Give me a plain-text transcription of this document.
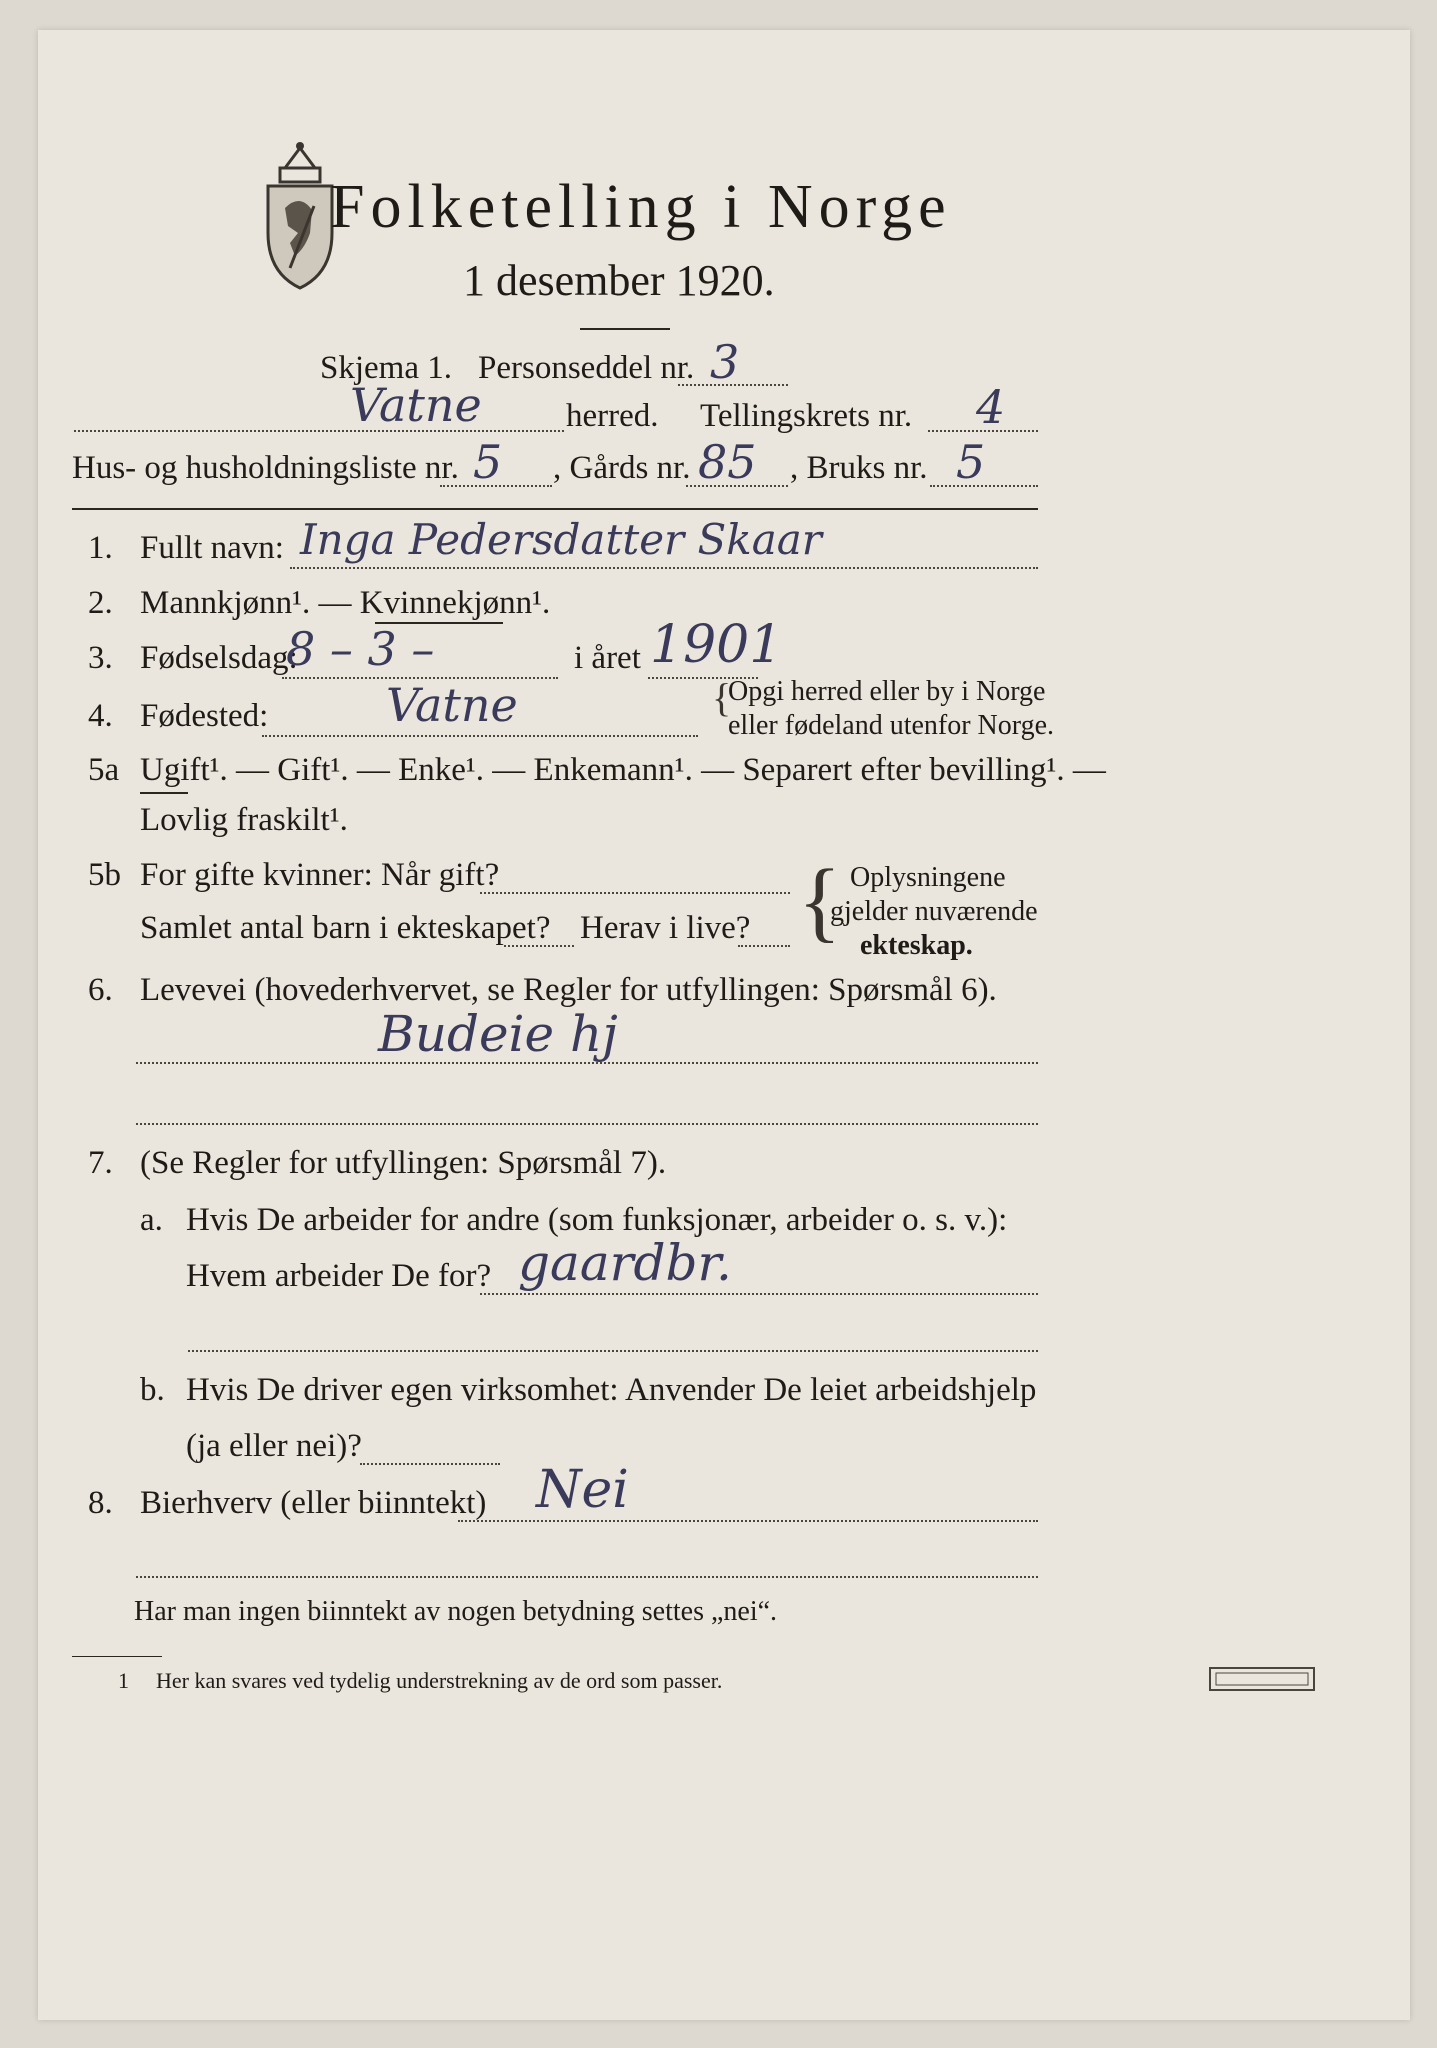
Folketelling i Norge
1 desember 1920.
Skjema 1. Personseddel nr. 3
Vatne	herred. Tellingskrets nr. 4
Hus- og husholdningsliste nr. 5 , Gårds nr. 85 , Bruks nr. 5
1. Fullt navn: Inga Pedersdatter Skaar
2. Mannkjønn¹. — Kvinnekjønn¹.
3. Fødselsdag:
8 – 3 –	i året 1901
4. Fødested:	Vatne	{
Opgi herred eller by i Norge
eller fødeland utenfor Norge.
5a Ugift¹. — Gift¹. — Enke¹. — Enkemann¹. — Separert efter bevilling¹. —
Lovlig fraskilt¹.
5b For gifte kvinner: Når gift?
Samlet antal barn i ekteskapet? Herav i live? { Oplysningene
gjelder nuværende
ekteskap.
6. Levevei (hovederhvervet, se Regler for utfyllingen: Spørsmål 6).
Budeie hj
7. (Se Regler for utfyllingen: Spørsmål 7).
a. Hvis De arbeider for andre (som funksjonær, arbeider o. s. v.):
Hvem arbeider De for? gaardbr.
b. Hvis De driver egen virksomhet: Anvender De leiet arbeidshjelp
(ja eller nei)?
8. Bierhverv (eller biinntekt) Nei
Har man ingen biinntekt av nogen betydning settes „nei“.
1 Her kan svares ved tydelig understrekning av de ord som passer.
